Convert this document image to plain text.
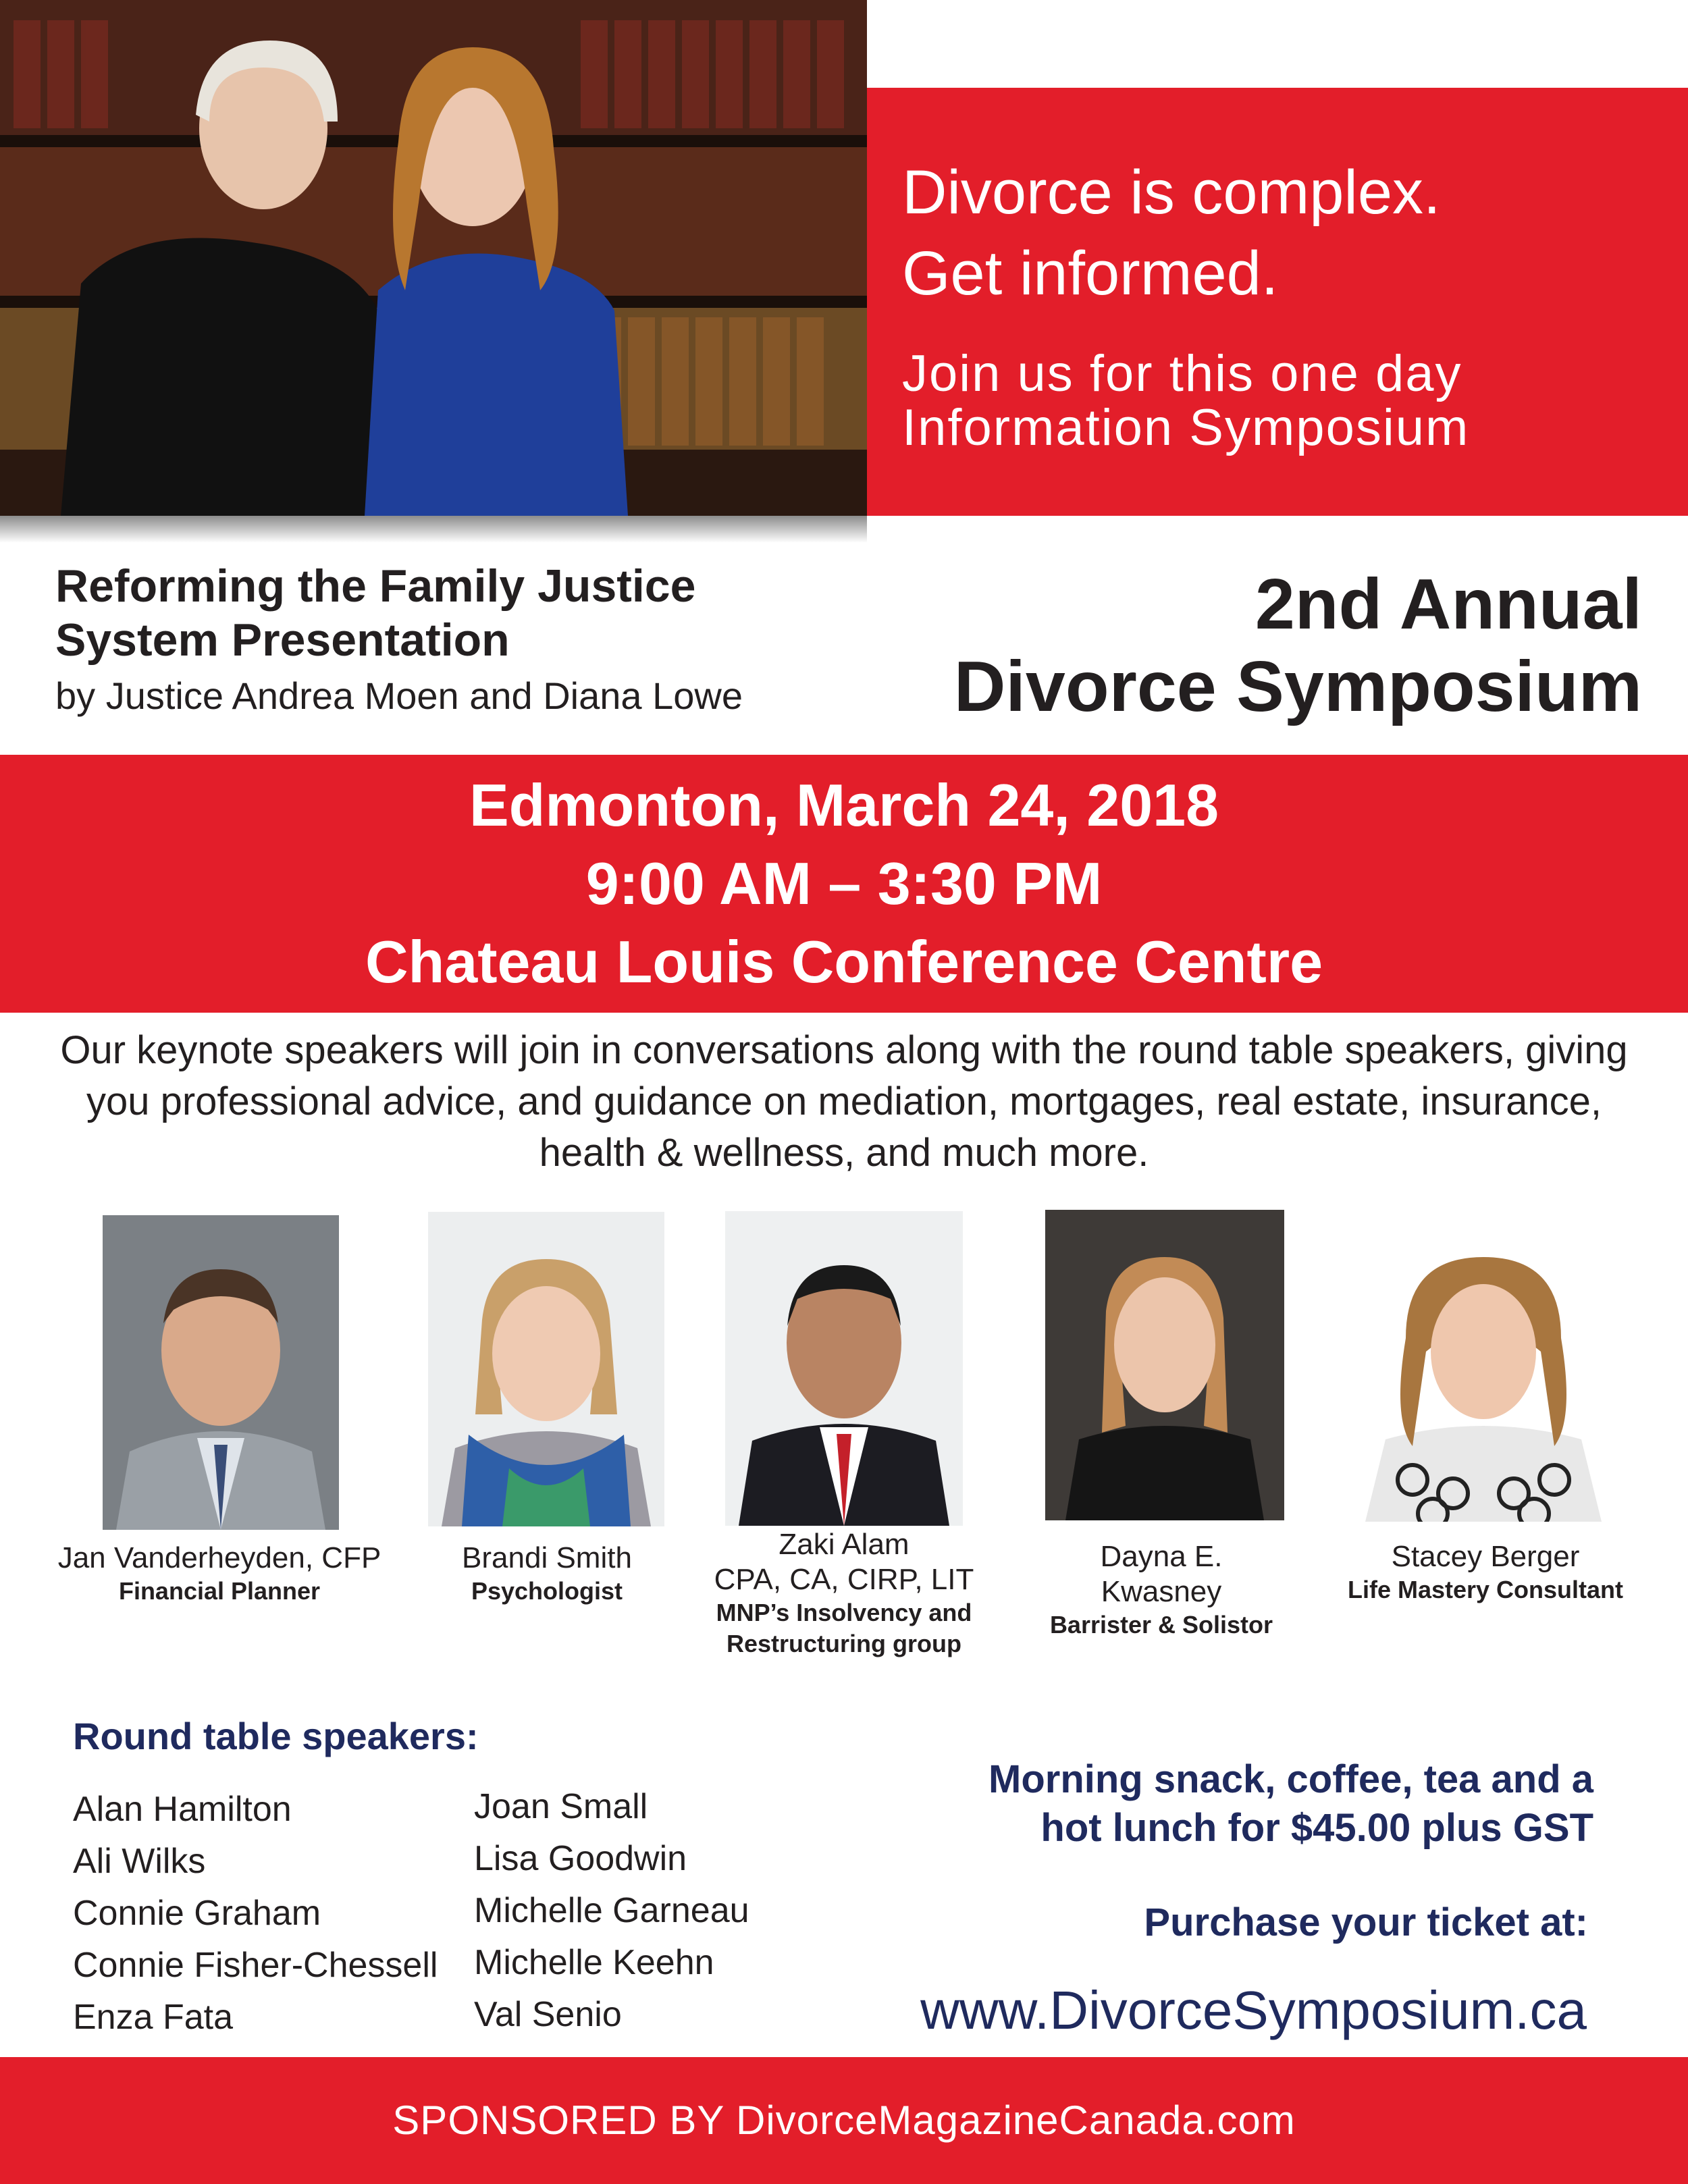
Divorce is complex.
Get informed.
Join us for this one day
Information Symposium
Reforming the Family Justice System Presentation
by Justice Andrea Moen and Diana Lowe
2nd Annual
Divorce Symposium
Edmonton, March 24, 2018
9:00 AM – 3:30 PM
Chateau Louis Conference Centre
Our keynote speakers will join in conversations along with the round table speakers, giving you professional advice, and guidance on mediation, mortgages, real estate, insurance, health & wellness, and much more.
Jan Vanderheyden, CFP
Financial Planner
Brandi Smith
Psychologist
Zaki Alam
CPA, CA, CIRP, LIT
MNP’s Insolvency and
Restructuring group
Dayna E.
Kwasney
Barrister & Solistor
Stacey Berger
Life Mastery Consultant
Round table speakers:
Alan Hamilton
Ali Wilks
Connie Graham
Connie Fisher-Chessell
Enza Fata
Joan Small
Lisa Goodwin
Michelle Garneau
Michelle Keehn
Val Senio
Morning snack, coffee, tea and a
hot lunch for $45.00 plus GST
Purchase your ticket at:
www.DivorceSymposium.ca
SPONSORED BY DivorceMagazineCanada.com
